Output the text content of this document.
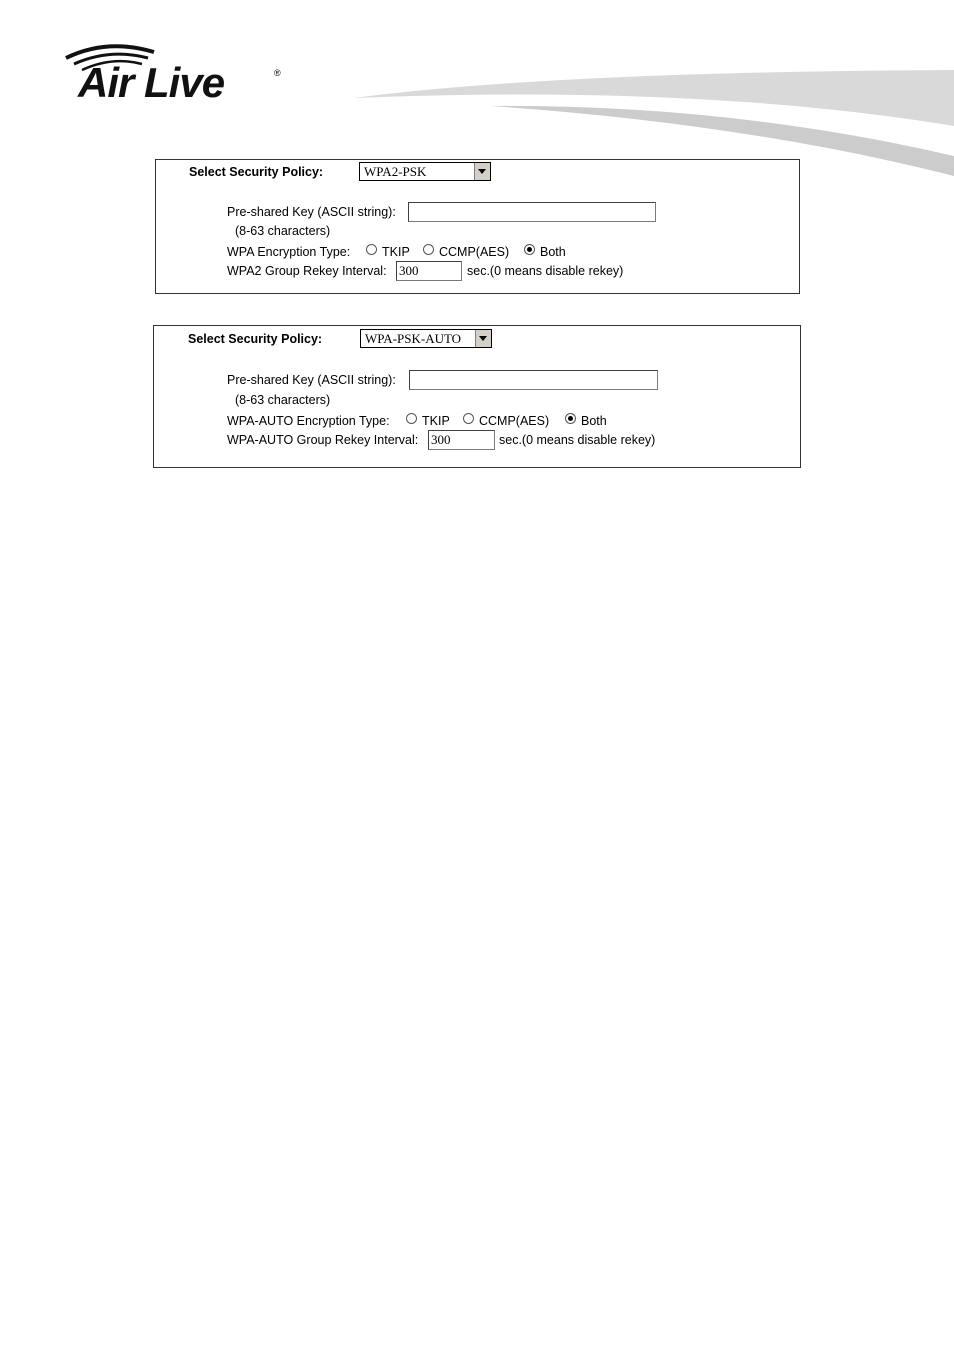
Air Live	®
Select Security Policy:	WPA2-PSK
Pre-shared Key (ASCII string):
(8-63 characters)
WPA Encryption Type:	TKIP CCMP(AES) Both
WPA2 Group Rekey Interval: 300	sec.(0 means disable rekey)
Select Security Policy:	WPA-PSK-AUTO
Pre-shared Key (ASCII string):
(8-63 characters)
WPA-AUTO Encryption Type:	TKIP CCMP(AES)	Both
WPA-AUTO Group Rekey Interval: 300	sec.(0 means disable rekey)
